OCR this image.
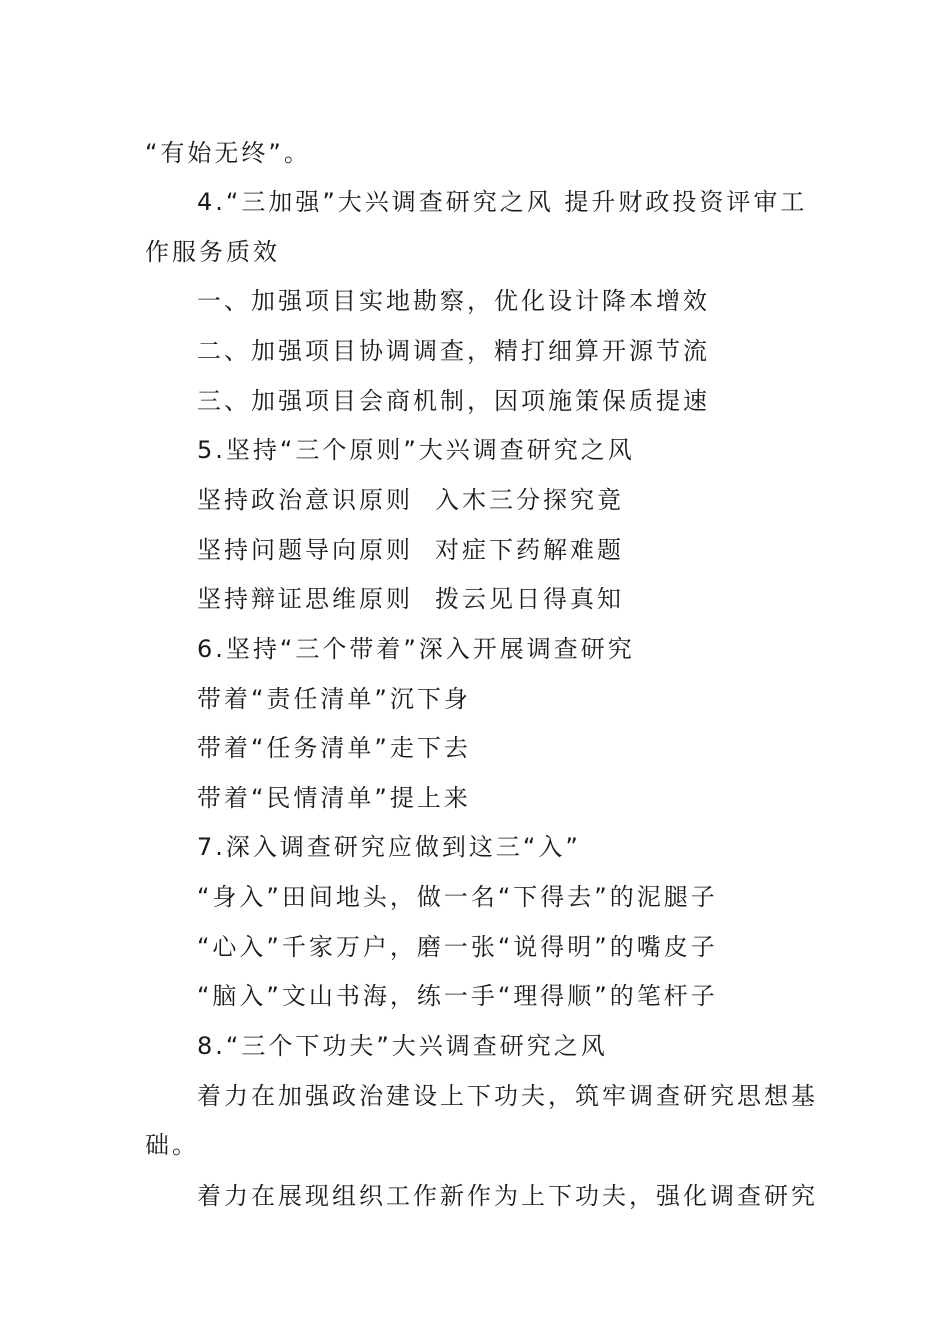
“有始无终”。
4.“三加强”大兴调查研究之风 提升财政投资评审工
作服务质效
一、加强项目实地勘察，优化设计降本增效
二、加强项目协调调查，精打细算开源节流
三、加强项目会商机制，因项施策保质提速
5.坚持“三个原则”大兴调查研究之风
坚持政治意识原则 入木三分探究竟
坚持问题导向原则 对症下药解难题
坚持辩证思维原则 拨云见日得真知
6.坚持“三个带着”深入开展调查研究
带着“责任清单”沉下身
带着“任务清单”走下去
带着“民情清单”提上来
7.深入调查研究应做到这三“入”
“身入”田间地头，做一名“下得去”的泥腿子
“心入”千家万户，磨一张“说得明”的嘴皮子
“脑入”文山书海，练一手“理得顺”的笔杆子
8.“三个下功夫”大兴调查研究之风
着力在加强政治建设上下功夫，筑牢调查研究思想基
础。
着力在展现组织工作新作为上下功夫，强化调查研究
